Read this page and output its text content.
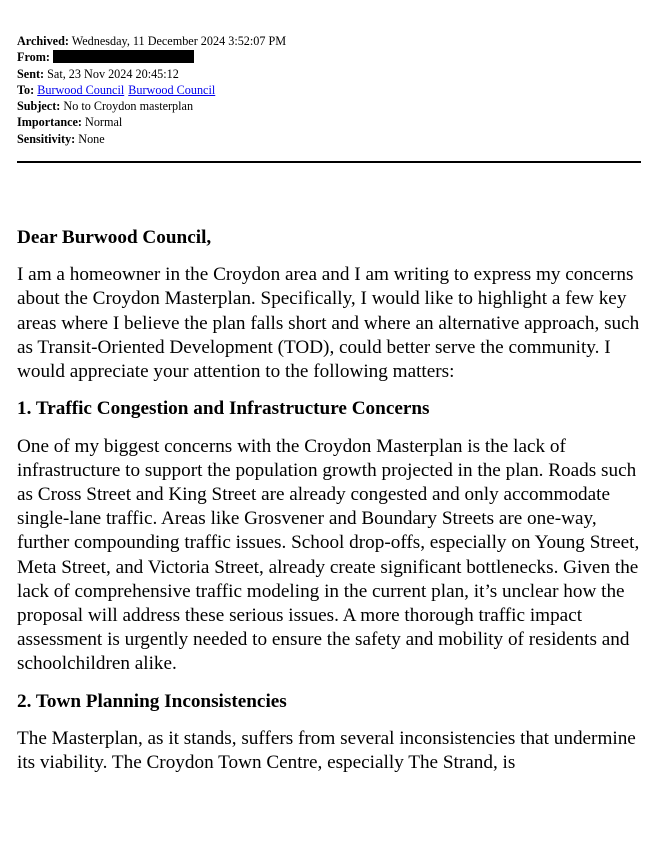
Archived: Wednesday, 11 December 2024 3:52:07 PM
From:
Sent: Sat, 23 Nov 2024 20:45:12
To: Burwood Council Burwood Council
Subject: No to Croydon masterplan
Importance: Normal
Sensitivity: None
Dear Burwood Council,

I am a homeowner in the Croydon area and I am writing to express my concerns about the Croydon Masterplan. Specifically, I would like to highlight a few key areas where I believe the plan falls short and where an alternative approach, such as Transit-Oriented Development (TOD), could better serve the community. I would appreciate your attention to the following matters:

1. Traffic Congestion and Infrastructure Concerns

One of my biggest concerns with the Croydon Masterplan is the lack of infrastructure to support the population growth projected in the plan. Roads such as Cross Street and King Street are already congested and only accommodate single-lane traffic. Areas like Grosvener and Boundary Streets are one-way, further compounding traffic issues. School drop-offs, especially on Young Street, Meta Street, and Victoria Street, already create significant bottlenecks. Given the lack of comprehensive traffic modeling in the current plan, it’s unclear how the proposal will address these serious issues. A more thorough traffic impact assessment is urgently needed to ensure the safety and mobility of residents and schoolchildren alike.

2. Town Planning Inconsistencies

The Masterplan, as it stands, suffers from several inconsistencies that undermine its viability. The Croydon Town Centre, especially The Strand, is
